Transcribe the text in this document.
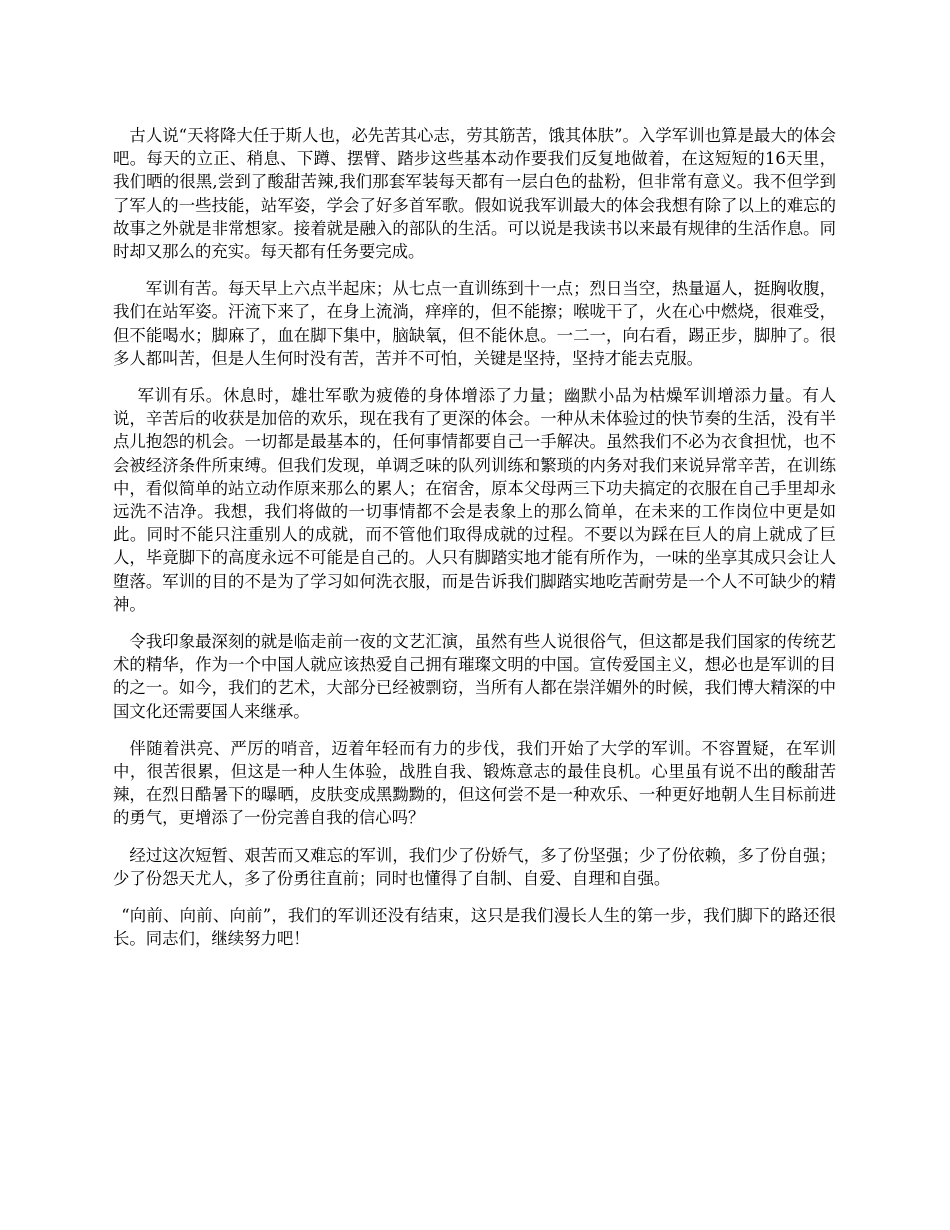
古人说“天将降大任于斯人也，必先苦其心志，劳其筋苦，饿其体肤”。入学军训也算是最大的体会吧。每天的立正、稍息、下蹲、摆臂、踏步这些基本动作要我们反复地做着，在这短短的16天里，我们晒的很黑,尝到了酸甜苦辣,我们那套军装每天都有一层白色的盐粉，但非常有意义。我不但学到了军人的一些技能，站军姿，学会了好多首军歌。假如说我军训最大的体会我想有除了以上的难忘的故事之外就是非常想家。接着就是融入的部队的生活。可以说是我读书以来最有规律的生活作息。同时却又那么的充实。每天都有任务要完成。

军训有苦。每天早上六点半起床；从七点一直训练到十一点；烈日当空，热量逼人，挺胸收腹，我们在站军姿。汗流下来了，在身上流淌，痒痒的，但不能擦；喉咙干了，火在心中燃烧，很难受，但不能喝水；脚麻了，血在脚下集中，脑缺氧，但不能休息。一二一，向右看，踢正步，脚肿了。很多人都叫苦，但是人生何时没有苦，苦并不可怕，关键是坚持，坚持才能去克服。

军训有乐。休息时，雄壮军歌为疲倦的身体增添了力量；幽默小品为枯燥军训增添力量。有人说，辛苦后的收获是加倍的欢乐，现在我有了更深的体会。一种从未体验过的快节奏的生活，没有半点儿抱怨的机会。一切都是最基本的，任何事情都要自己一手解决。虽然我们不必为衣食担忧，也不会被经济条件所束缚。但我们发现，单调乏味的队列训练和繁琐的内务对我们来说异常辛苦，在训练中，看似简单的站立动作原来那么的累人；在宿舍，原本父母两三下功夫搞定的衣服在自己手里却永远洗不洁净。我想，我们将做的一切事情都不会是表象上的那么简单，在未来的工作岗位中更是如此。同时不能只注重别人的成就，而不管他们取得成就的过程。不要以为踩在巨人的肩上就成了巨人，毕竟脚下的高度永远不可能是自己的。人只有脚踏实地才能有所作为，一味的坐享其成只会让人堕落。军训的目的不是为了学习如何洗衣服，而是告诉我们脚踏实地吃苦耐劳是一个人不可缺少的精神。

令我印象最深刻的就是临走前一夜的文艺汇演，虽然有些人说很俗气，但这都是我们国家的传统艺术的精华，作为一个中国人就应该热爱自己拥有璀璨文明的中国。宣传爱国主义，想必也是军训的目的之一。如今，我们的艺术，大部分已经被剽窃，当所有人都在崇洋媚外的时候，我们博大精深的中国文化还需要国人来继承。

伴随着洪亮、严厉的哨音，迈着年轻而有力的步伐，我们开始了大学的军训。不容置疑，在军训中，很苦很累，但这是一种人生体验，战胜自我、锻炼意志的最佳良机。心里虽有说不出的酸甜苦辣，在烈日酷暑下的曝晒，皮肤变成黑黝黝的，但这何尝不是一种欢乐、一种更好地朝人生目标前进的勇气，更增添了一份完善自我的信心吗？

经过这次短暂、艰苦而又难忘的军训，我们少了份娇气，多了份坚强；少了份依赖，多了份自强；少了份怨天尤人，多了份勇往直前；同时也懂得了自制、自爱、自理和自强。

“向前、向前、向前”，我们的军训还没有结束，这只是我们漫长人生的第一步，我们脚下的路还很长。同志们，继续努力吧！
